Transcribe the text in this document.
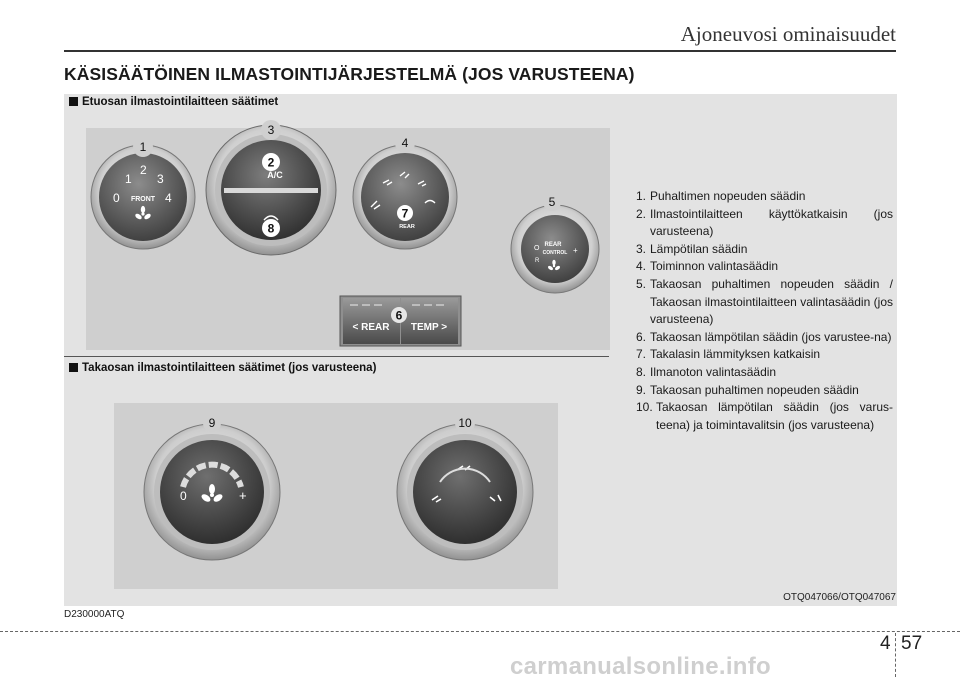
Ajoneuvosi ominaisuudet
KÄSISÄÄTÖINEN ILMASTOINTIJÄRJESTELMÄ (JOS VARUSTEENA)
Etuosan ilmastointilaitteen säätimet
1
2
3
0	4
FRONT
1
3
2
A/C
8
7
REAR
4
O
R
REAR
CONTROL +
5
< REAR TEMP >
6
Takaosan ilmastointilaitteen säätimet (jos varusteena)
0	+
9	10
1. Puhaltimen nopeuden säädin
2. Ilmastointilaitteen käyttökatkaisin (jos varusteena)
3. Lämpötilan säädin
4. Toiminnon valintasäädin
5. Takaosan puhaltimen nopeuden säädin / Takaosan ilmastointilaitteen valintasäädin (jos varusteena)
6. Takaosan lämpötilan säädin (jos varustee-na)
7. Takalasin lämmityksen katkaisin
8. Ilmanoton valintasäädin
9. Takaosan puhaltimen nopeuden säädin
10. Takaosan lämpötilan säädin (jos varus-teena) ja toimintavalitsin (jos varusteena)
OTQ047066/OTQ047067
D230000ATQ
4 57
carmanualsonline.info
